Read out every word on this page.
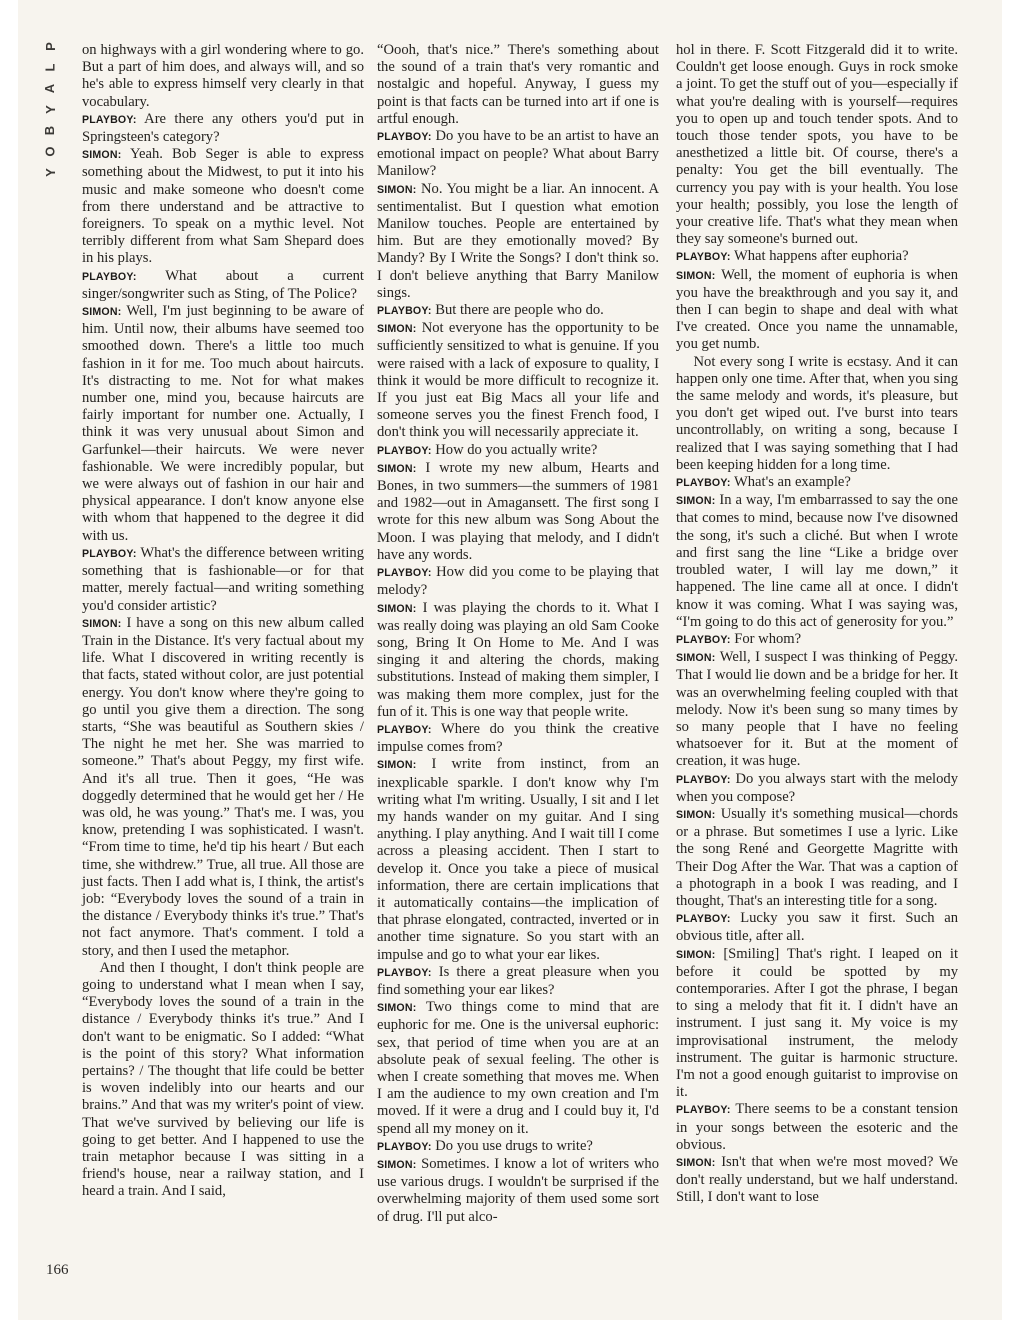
P
L
A
Y
B
O
Y
166

on highways with a girl wondering where to go. But a part of him does, and always will, and so he's able to express himself very clearly in that vocabulary.

PLAYBOY: Are there any others you'd put in Springsteen's category?

SIMON: Yeah. Bob Seger is able to express something about the Midwest, to put it into his music and make someone who doesn't come from there understand and be attractive to foreigners. To speak on a mythic level. Not terribly different from what Sam Shepard does in his plays.

PLAYBOY: What about a current singer/songwriter such as Sting, of The Police?

SIMON: Well, I'm just beginning to be aware of him. Until now, their albums have seemed too smoothed down. There's a little too much fashion in it for me. Too much about haircuts. It's distracting to me. Not for what makes number one, mind you, because haircuts are fairly important for number one. Actually, I think it was very unusual about Simon and Garfunkel—their haircuts. We were never fashionable. We were incredibly popular, but we were always out of fashion in our hair and physical appearance. I don't know anyone else with whom that happened to the degree it did with us.

PLAYBOY: What's the difference between writing something that is fashionable—or for that matter, merely factual—and writing something you'd consider artistic?

SIMON: I have a song on this new album called Train in the Distance. It's very factual about my life. What I discovered in writing recently is that facts, stated without color, are just potential energy. You don't know where they're going to go until you give them a direction. The song starts, “She was beautiful as Southern skies / The night he met her. She was married to someone.” That's about Peggy, my first wife. And it's all true. Then it goes, “He was doggedly determined that he would get her / He was old, he was young.” That's me. I was, you know, pretending I was sophisticated. I wasn't. “From time to time, he'd tip his heart / But each time, she withdrew.” True, all true. All those are just facts. Then I add what is, I think, the artist's job: “Everybody loves the sound of a train in the distance / Everybody thinks it's true.” That's not fact anymore. That's comment. I told a story, and then I used the metaphor.

And then I thought, I don't think people are going to understand what I mean when I say, “Everybody loves the sound of a train in the distance / Everybody thinks it's true.” And I don't want to be enigmatic. So I added: “What is the point of this story? What information pertains? / The thought that life could be better is woven indelibly into our hearts and our brains.” And that was my writer's point of view. That we've survived by believing our life is going to get better. And I happened to use the train metaphor because I was sitting in a friend's house, near a railway station, and I heard a train. And I said,

“Oooh, that's nice.” There's something about the sound of a train that's very romantic and nostalgic and hopeful. Anyway, I guess my point is that facts can be turned into art if one is artful enough.

PLAYBOY: Do you have to be an artist to have an emotional impact on people? What about Barry Manilow?

SIMON: No. You might be a liar. An innocent. A sentimentalist. But I question what emotion Manilow touches. People are entertained by him. But are they emotionally moved? By Mandy? By I Write the Songs? I don't think so. I don't believe anything that Barry Manilow sings.

PLAYBOY: But there are people who do.

SIMON: Not everyone has the opportunity to be sufficiently sensitized to what is genuine. If you were raised with a lack of exposure to quality, I think it would be more difficult to recognize it. If you just eat Big Macs all your life and someone serves you the finest French food, I don't think you will necessarily appreciate it.

PLAYBOY: How do you actually write?

SIMON: I wrote my new album, Hearts and Bones, in two summers—the summers of 1981 and 1982—out in Amagansett. The first song I wrote for this new album was Song About the Moon. I was playing that melody, and I didn't have any words.

PLAYBOY: How did you come to be playing that melody?

SIMON: I was playing the chords to it. What I was really doing was playing an old Sam Cooke song, Bring It On Home to Me. And I was singing it and altering the chords, making substitutions. Instead of making them simpler, I was making them more complex, just for the fun of it. This is one way that people write.

PLAYBOY: Where do you think the creative impulse comes from?

SIMON: I write from instinct, from an inexplicable sparkle. I don't know why I'm writing what I'm writing. Usually, I sit and I let my hands wander on my guitar. And I sing anything. I play anything. And I wait till I come across a pleasing accident. Then I start to develop it. Once you take a piece of musical information, there are certain implications that it automatically contains—the implication of that phrase elongated, contracted, inverted or in another time signature. So you start with an impulse and go to what your ear likes.

PLAYBOY: Is there a great pleasure when you find something your ear likes?

SIMON: Two things come to mind that are euphoric for me. One is the universal euphoric: sex, that period of time when you are at an absolute peak of sexual feeling. The other is when I create something that moves me. When I am the audience to my own creation and I'm moved. If it were a drug and I could buy it, I'd spend all my money on it.

PLAYBOY: Do you use drugs to write?

SIMON: Sometimes. I know a lot of writers who use various drugs. I wouldn't be surprised if the overwhelming majority of them used some sort of drug. I'll put alco-

hol in there. F. Scott Fitzgerald did it to write. Couldn't get loose enough. Guys in rock smoke a joint. To get the stuff out of you—especially if what you're dealing with is yourself—requires you to open up and touch tender spots. And to touch those tender spots, you have to be anesthetized a little bit. Of course, there's a penalty: You get the bill eventually. The currency you pay with is your health. You lose your health; possibly, you lose the length of your creative life. That's what they mean when they say someone's burned out.

PLAYBOY: What happens after euphoria?

SIMON: Well, the moment of euphoria is when you have the breakthrough and you say it, and then I can begin to shape and deal with what I've created. Once you name the unnamable, you get numb.

Not every song I write is ecstasy. And it can happen only one time. After that, when you sing the same melody and words, it's pleasure, but you don't get wiped out. I've burst into tears uncontrollably, on writing a song, because I realized that I was saying something that I had been keeping hidden for a long time.

PLAYBOY: What's an example?

SIMON: In a way, I'm embarrassed to say the one that comes to mind, because now I've disowned the song, it's such a cliché. But when I wrote and first sang the line “Like a bridge over troubled water, I will lay me down,” it happened. The line came all at once. I didn't know it was coming. What I was saying was, “I'm going to do this act of generosity for you.”

PLAYBOY: For whom?

SIMON: Well, I suspect I was thinking of Peggy. That I would lie down and be a bridge for her. It was an overwhelming feeling coupled with that melody. Now it's been sung so many times by so many people that I have no feeling whatsoever for it. But at the moment of creation, it was huge.

PLAYBOY: Do you always start with the melody when you compose?

SIMON: Usually it's something musical—chords or a phrase. But sometimes I use a lyric. Like the song René and Georgette Magritte with Their Dog After the War. That was a caption of a photograph in a book I was reading, and I thought, That's an interesting title for a song.

PLAYBOY: Lucky you saw it first. Such an obvious title, after all.

SIMON: [Smiling] That's right. I leaped on it before it could be spotted by my contemporaries. After I got the phrase, I began to sing a melody that fit it. I didn't have an instrument. I just sang it. My voice is my improvisational instrument, the melody instrument. The guitar is harmonic structure. I'm not a good enough guitarist to improvise on it.

PLAYBOY: There seems to be a constant tension in your songs between the esoteric and the obvious.

SIMON: Isn't that when we're most moved? We don't really understand, but we half understand. Still, I don't want to lose
